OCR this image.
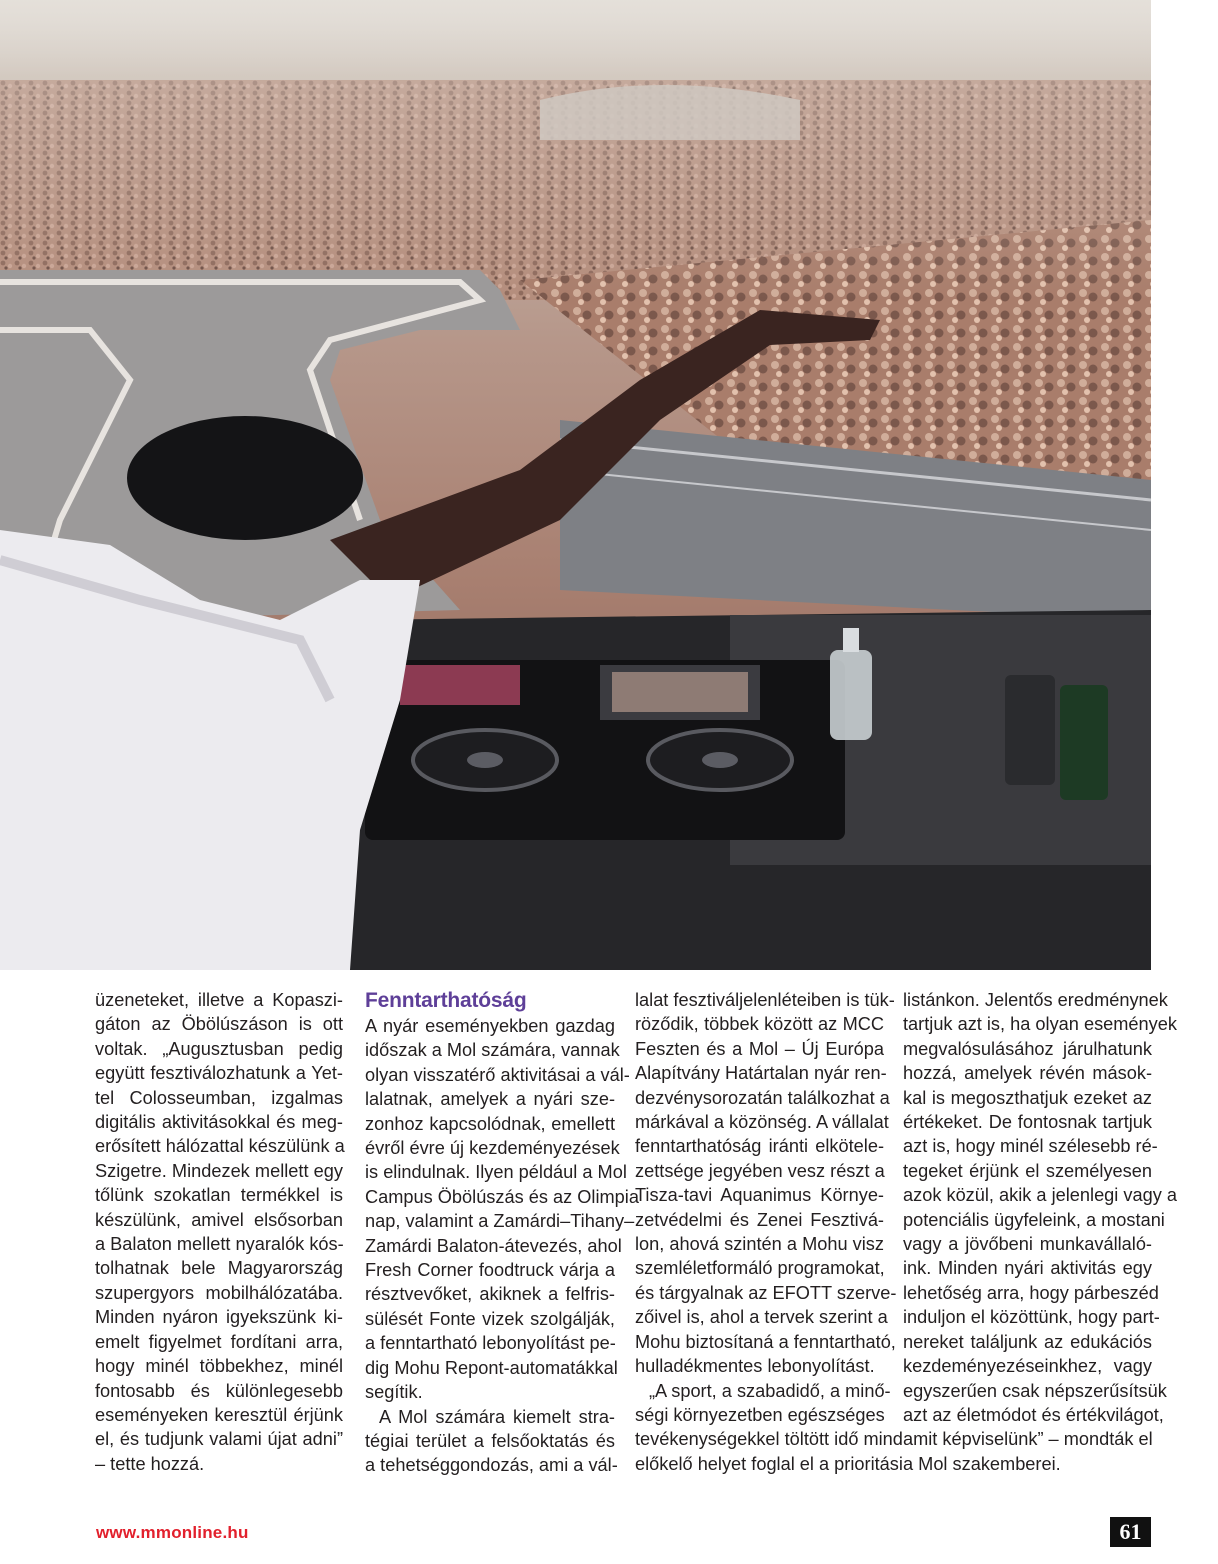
üzeneteket, illetve a Kopaszi-
gáton az Öbölúszáson is ott
voltak. „Augusztusban pedig
együtt fesztiválozhatunk a Yet-
tel Colosseumban, izgalmas
digitális aktivitásokkal és meg-
erősített hálózattal készülünk a
Szigetre. Mindezek mellett egy
tőlünk szokatlan termékkel is
készülünk, amivel elsősorban
a Balaton mellett nyaralók kós-
tolhatnak bele Magyarország
szupergyors mobilhálózatába.
Minden nyáron igyekszünk ki-
emelt figyelmet fordítani arra,
hogy minél többekhez, minél
fontosabb és különlegesebb
eseményeken keresztül érjünk
el, és tudjunk valami újat adni”
– tette hozzá.

Fenntarthatóság

A nyár eseményekben gazdag
időszak a Mol számára, vannak
olyan visszatérő aktivitásai a vál-
lalatnak, amelyek a nyári sze-
zonhoz kapcsolódnak, emellett
évről évre új kezdeményezések
is elindulnak. Ilyen például a Mol
Campus Öbölúszás és az Olimpia
nap, valamint a Zamárdi–Tihany–
Zamárdi Balaton-átevezés, ahol
Fresh Corner foodtruck várja a
résztvevőket, akiknek a felfris-
sülését Fonte vizek szolgálják,
a fenntartható lebonyolítást pe-
dig Mohu Repont-automatákkal
segítik.

A Mol számára kiemelt stra-
tégiai terület a felsőoktatás és
a tehetséggondozás, ami a vál-

lalat fesztiváljelenléteiben is tük-
röződik, többek között az MCC
Feszten és a Mol – Új Európa
Alapítvány Határtalan nyár ren-
dezvénysorozatán találkozhat a
márkával a közönség. A vállalat
fenntarthatóság iránti elkötele-
zettsége jegyében vesz részt a
Tisza-tavi Aquanimus Környe-
zetvédelmi és Zenei Fesztivá-
lon, ahová szintén a Mohu visz
szemléletformáló programokat,
és tárgyalnak az EFOTT szerve-
zőivel is, ahol a tervek szerint a
Mohu biztosítaná a fenntartható,
hulladékmentes lebonyolítást.

„A sport, a szabadidő, a minő-
ségi környezetben egészséges
tevékenységekkel töltött idő mind
előkelő helyet foglal el a prioritási

listánkon. Jelentős eredménynek
tartjuk azt is, ha olyan események
megvalósulásához járulhatunk
hozzá, amelyek révén mások-
kal is megoszthatjuk ezeket az
értékeket. De fontosnak tartjuk
azt is, hogy minél szélesebb ré-
tegeket érjünk el személyesen
azok közül, akik a jelenlegi vagy a
potenciális ügyfeleink, a mostani
vagy a jövőbeni munkavállaló-
ink. Minden nyári aktivitás egy
lehetőség arra, hogy párbeszéd
induljon el közöttünk, hogy part-
nereket találjunk az edukációs
kezdeményezéseinkhez, vagy
egyszerűen csak népszerűsítsük
azt az életmódot és értékvilágot,
amit képviselünk” – mondták el
a Mol szakemberei.

www.mmonline.hu	61
